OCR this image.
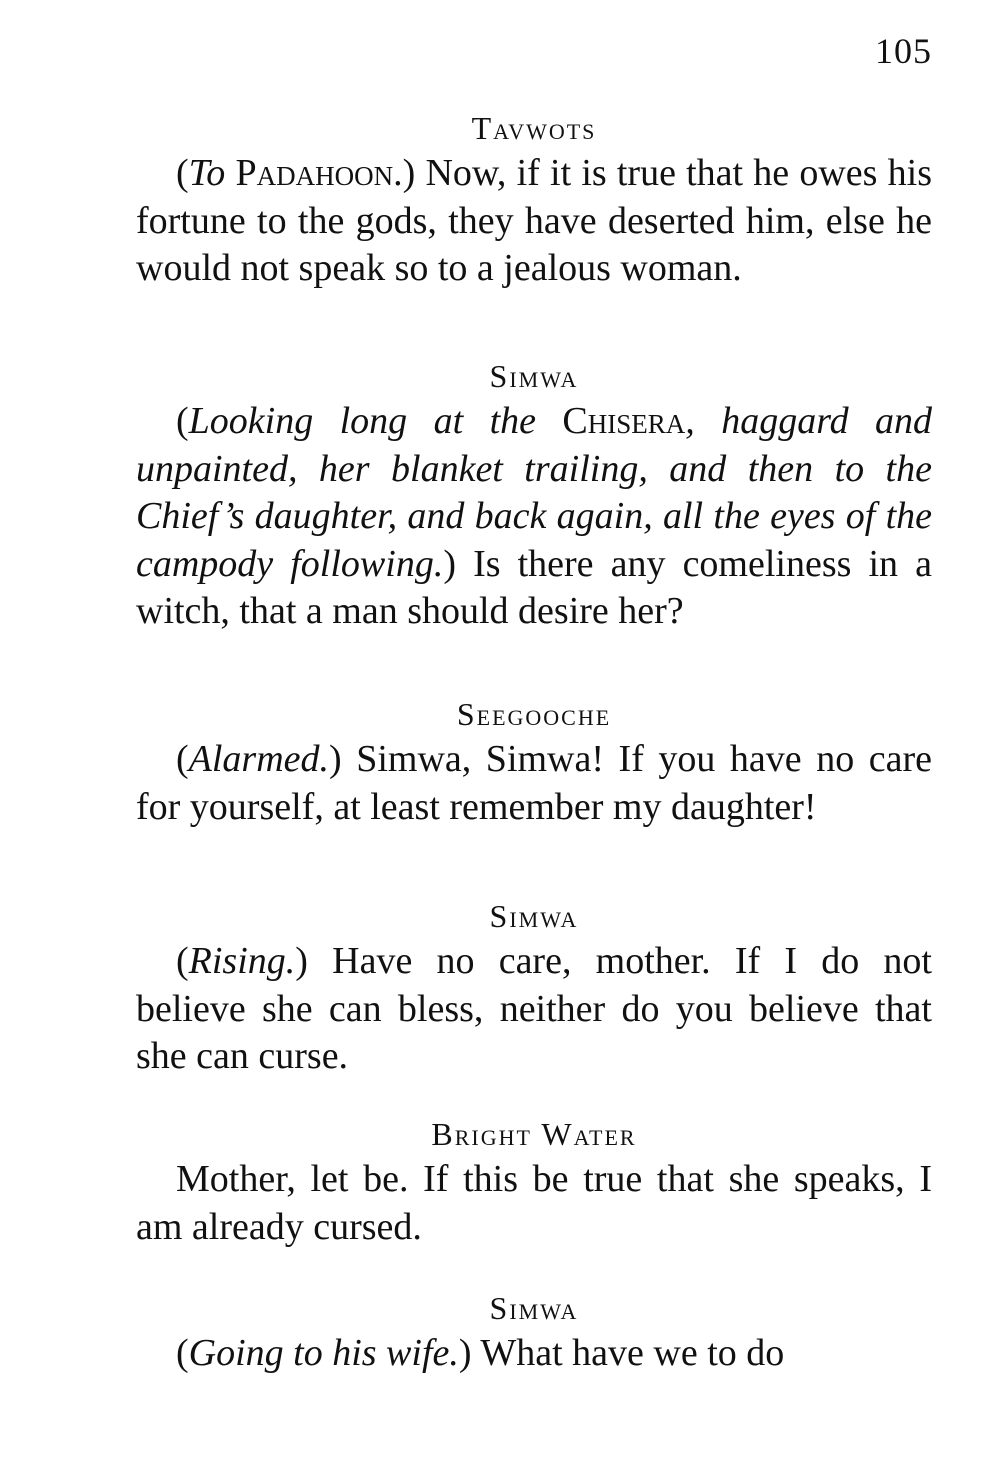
105

Tavwots

(To Padahoon.) Now, if it is true that he owes his fortune to the gods, they have deserted him, else he would not speak so to a jealous woman.

Simwa

(Looking long at the Chisera, haggard and unpainted, her blanket trailing, and then to the Chief’s daughter, and back again, all the eyes of the campody following.) Is there any comeliness in a witch, that a man should desire her?

Seegooche

(Alarmed.) Simwa, Simwa! If you have no care for yourself, at least remember my daughter!

Simwa

(Rising.) Have no care, mother. If I do not believe she can bless, neither do you believe that she can curse.

Bright Water

Mother, let be. If this be true that she speaks, I am already cursed.

Simwa

(Going to his wife.) What have we to do
